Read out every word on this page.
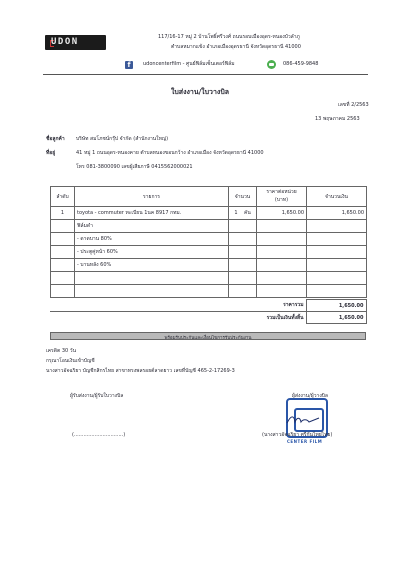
UDON	117/16-17 หมู่ 2 บ้านโพธิ์ศรีวงศ์ ถนนรอบเมืองอุดร-หนองบัวลำภู
ตำบลหมากแข้ง อำเภอเมืองอุดรธานี จังหวัดอุดรธานี 41000
f	udoncenterfilm - ศูนย์ฟิล์มเซ็นเตอร์ฟิล์ม	086-459-9848
ใบส่งงาน/ใบวางบิล
เลขที่ 2/2563
13 พฤษภาคม 2563
ชื่อลูกค้า บริษัท สมโภชน์กรุ๊ป จำกัด (สำนักงานใหญ่)
ที่อยู่	41 หมู่ 1 ถนนอุดร-หนองคาย ตำบลหนองขอนกว้าง อำเภอเมือง จังหวัดอุดรธานี 41000
โทร 081-3800090 เลขผู้เสียภาษี 0415562000021
ลำดับ	รายการ	จำนวน	ราคาต่อหน่วย (บาท)	จำนวนเงิน
1	toyota - commuter ทะเบียน 1นค 8917 กทม.	1 คัน	1,650.00	1,650.00
	ฟิล์มดำ			
	- ดาดบาน 80%			
	- ประตูคู่หน้า 60%			
	- บานหลัง 60%			

ราคารวม	1,650.00
รวมเป็นเงินทั้งสิ้น	1,650.00
พร้อมรับประกันและเงื่อนไขการรับประกันงาน
เครดิต 30 วัน
กรุณาโอนเงินเข้าบัญชี
นางสาวอัจฉริยา บัญชีกสิกรไทย สาขาทรงพลรอยต์ลาดยาว เลขที่บัญชี 465-2-17269-3
ผู้รับส่งงาน/ผู้รับใบวางบิล
(...............................)
ผู้ส่งงาน/ผู้วางบิล
CENTER FILM
(นางสาวอัจฉริยา ศรีกันไทยไทย)
